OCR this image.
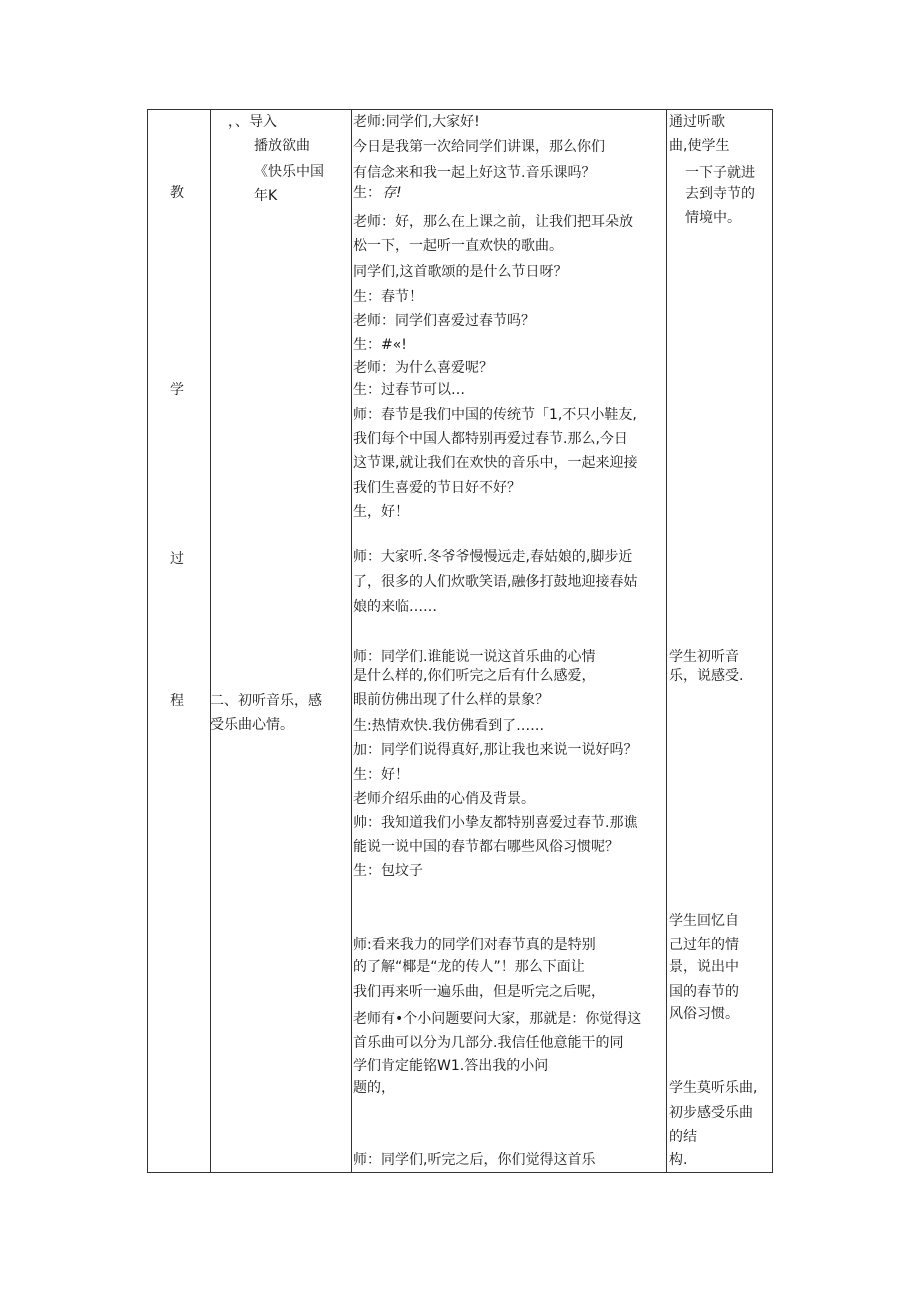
教
学
过
程
，、导入
播放欲曲
《快乐中国
年K
二、初听音乐，感
受乐曲心情。
老师:同学们,大家好!
今日是我第一次给同学们讲课，那么你们
有信念来和我一起上好这节.音乐课吗？
生： 存!
老师：好，那么在上课之前，让我们把耳朵放
松一下，一起听一直欢快的歌曲。
同学们,这首歌颂的是什么节日呀？
生：春节！
老师：同学们喜爱过春节吗？
生：#«!
老师：为什么喜爱呢？
生：过春节可以…
师：春节是我们中国的传统节「1,不只小鞋友,
我们每个中国人都特别再爱过春节.那么,今日
这节课,就让我们在欢快的音乐中，一起来迎接
我们生喜爱的节日好不好？
生，好！
师：大家听.冬爷爷慢慢远走,春姑娘的,脚步近
了，很多的人们炊歌笑语,融侈打鼓地迎接春姑
娘的来临……
师：同学们.谁能说一说这首乐曲的心情
是什么样的,你们听完之后有什么感爱，
眼前仿佛出现了什么样的景象？
生:热情欢快.我仿佛看到了……
加：同学们说得真好,那让我也来说一说好吗？
生：好！
老师介绍乐曲的心俏及背景。
帅：我知道我们小挚友都特别喜爱过春节.那谯
能说一说中国的春节都右哪些风俗习惯呢？
生：包坟子
师:看来我力的同学们对春节真的是特别
的了解“椰是“龙的传人”！那么下面让
我们再来听一遍乐曲，但是听完之后呢，
老师有•个小问题要问大家，那就是：你觉得这
首乐曲可以分为几部分.我信任他意能干的同
学们肯定能铭W1.答出我的小问
题的，
师：同学们,听完之后，你们觉得这首乐
通过听歌
曲,使学生
一下子就进
去到寺节的
情境中。
学生初听音
乐，说感受.
学生回忆自
己过年的情
景，说出中
国的春节的
风俗习惯。
学生莫听乐曲,
初步感受乐曲
的结
构.
